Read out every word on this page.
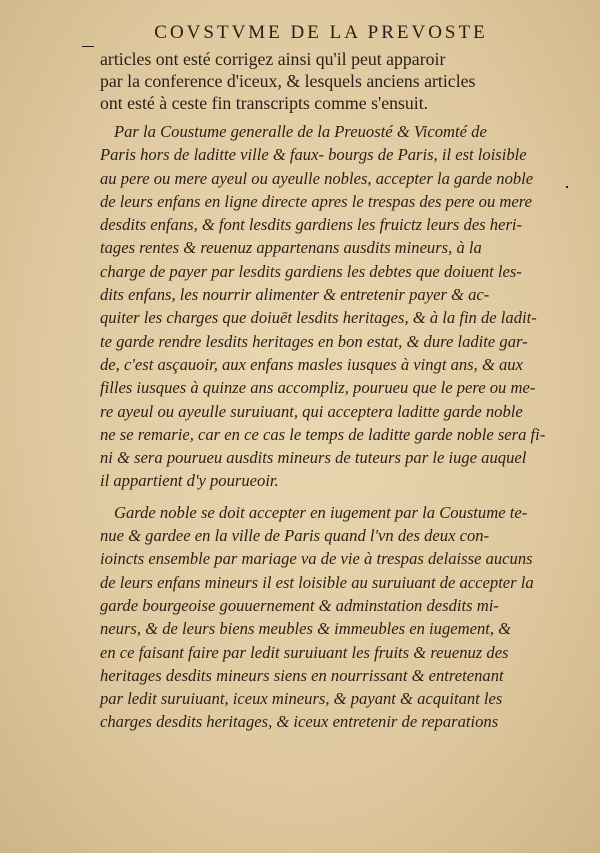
COVSTVME DE LA PREVOSTE

articles ont esté corrigez ainsi qu'il peut apparoir

par la conference d'iceux, & lesquels anciens articles

ont esté à ceste fin transcripts comme s'ensuit.

Par la Coustume generalle de la Preuosté & Vicomté de

Paris hors de laditte ville & faux- bourgs de Paris, il est loisible

au pere ou mere ayeul ou ayeulle nobles, accepter la garde noble

de leurs enfans en ligne directe apres le trespas des pere ou mere

desdits enfans, & font lesdits gardiens les fruictz leurs des heri-

tages rentes & reuenuz appartenans ausdits mineurs, à la

charge de payer par lesdits gardiens les debtes que doiuent les-

dits enfans, les nourrir alimenter & entretenir payer & ac-

quiter les charges que doiuēt lesdits heritages, & à la fin de ladit-

te garde rendre lesdits heritages en bon estat, & dure ladite gar-

de, c'est asçauoir, aux enfans masles iusques à vingt ans, & aux

filles iusques à quinze ans accompliz, pourueu que le pere ou me-

re ayeul ou ayeulle suruiuant, qui acceptera laditte garde noble

ne se remarie, car en ce cas le temps de laditte garde noble sera fi-

ni & sera pourueu ausdits mineurs de tuteurs par le iuge auquel

il appartient d'y pourueoir.

Garde noble se doit accepter en iugement par la Coustume te-

nue & gardee en la ville de Paris quand l'vn des deux con-

ioincts ensemble par mariage va de vie à trespas delaisse aucuns

de leurs enfans mineurs il est loisible au suruiuant de accepter la

garde bourgeoise gouuernement & adminstation desdits mi-

neurs, & de leurs biens meubles & immeubles en iugement, &

en ce faisant faire par ledit suruiuant les fruits & reuenuz des

heritages desdits mineurs siens en nourrissant & entretenant

par ledit suruiuant, iceux mineurs, & payant & acquitant les

charges desdits heritages, & iceux entretenir de reparations
